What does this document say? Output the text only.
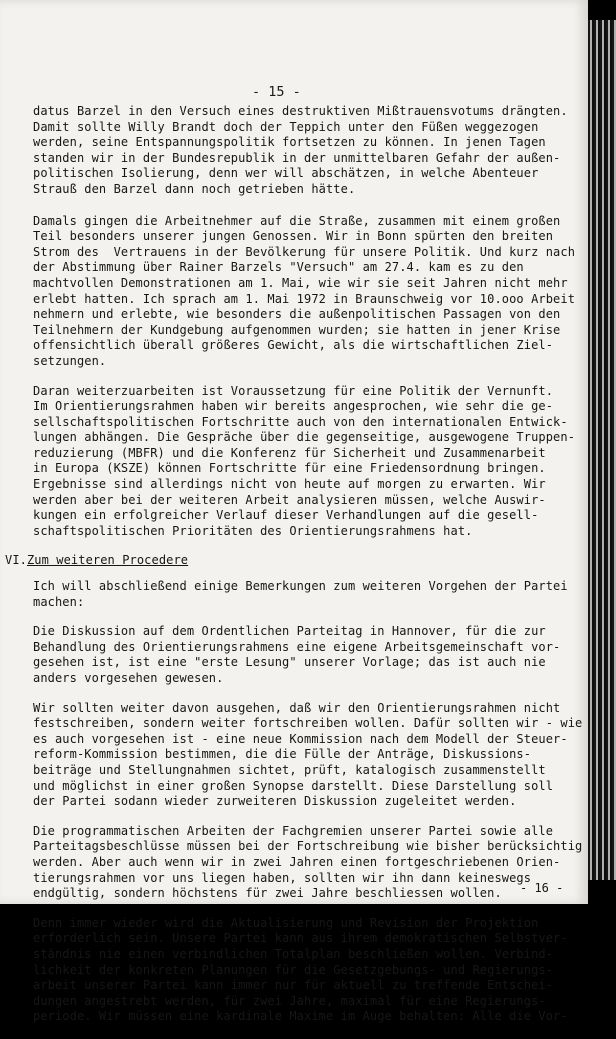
- 15 -

datus Barzel in den Versuch eines destruktiven Mißtrauensvotums drängten.
Damit sollte Willy Brandt doch der Teppich unter den Füßen weggezogen
werden, seine Entspannungspolitik fortsetzen zu können. In jenen Tagen
standen wir in der Bundesrepublik in der unmittelbaren Gefahr der außen-
politischen Isolierung, denn wer will abschätzen, in welche Abenteuer
Strauß den Barzel dann noch getrieben hätte.

Damals gingen die Arbeitnehmer auf die Straße, zusammen mit einem großen
Teil besonders unserer jungen Genossen. Wir in Bonn spürten den breiten
Strom des  Vertrauens in der Bevölkerung für unsere Politik. Und kurz nach
der Abstimmung über Rainer Barzels "Versuch" am 27.4. kam es zu den
machtvollen Demonstrationen am 1. Mai, wie wir sie seit Jahren nicht mehr
erlebt hatten. Ich sprach am 1. Mai 1972 in Braunschweig vor 10.ooo Arbeit
nehmern und erlebte, wie besonders die außenpolitischen Passagen von den
Teilnehmern der Kundgebung aufgenommen wurden; sie hatten in jener Krise
offensichtlich überall größeres Gewicht, als die wirtschaftlichen Ziel-
setzungen.

Daran weiterzuarbeiten ist Voraussetzung für eine Politik der Vernunft.
Im Orientierungsrahmen haben wir bereits angesprochen, wie sehr die ge-
sellschaftspolitischen Fortschritte auch von den internationalen Entwick-
lungen abhängen. Die Gespräche über die gegenseitige, ausgewogene Truppen-
reduzierung (MBFR) und die Konferenz für Sicherheit und Zusammenarbeit
in Europa (KSZE) können Fortschritte für eine Friedensordnung bringen.
Ergebnisse sind allerdings nicht von heute auf morgen zu erwarten. Wir
werden aber bei der weiteren Arbeit analysieren müssen, welche Auswir-
kungen ein erfolgreicher Verlauf dieser Verhandlungen auf die gesell-
schaftspolitischen Prioritäten des Orientierungsrahmens hat.

VI.Zum weiteren Procedere

Ich will abschließend einige Bemerkungen zum weiteren Vorgehen der Partei
machen:

Die Diskussion auf dem Ordentlichen Parteitag in Hannover, für die zur
Behandlung des Orientierungsrahmens eine eigene Arbeitsgemeinschaft vor-
gesehen ist, ist eine "erste Lesung" unserer Vorlage; das ist auch nie
anders vorgesehen gewesen.

Wir sollten weiter davon ausgehen, daß wir den Orientierungsrahmen nicht
festschreiben, sondern weiter fortschreiben wollen. Dafür sollten wir - wie
es auch vorgesehen ist - eine neue Kommission nach dem Modell der Steuer-
reform-Kommission bestimmen, die die Fülle der Anträge, Diskussions-
beiträge und Stellungnahmen sichtet, prüft, katalogisch zusammenstellt
und möglichst in einer großen Synopse darstellt. Diese Darstellung soll
der Partei sodann wieder zurweiteren Diskussion zugeleitet werden.

Die programmatischen Arbeiten der Fachgremien unserer Partei sowie alle
Parteitagsbeschlüsse müssen bei der Fortschreibung wie bisher berücksichtig
werden. Aber auch wenn wir in zwei Jahren einen fortgeschriebenen Orien-
tierungsrahmen vor uns liegen haben, sollten wir ihn dann keineswegs
endgültig, sondern höchstens für zwei Jahre beschliessen wollen.

Denn immer wieder wird die Aktualisierung und Revision der Projektion
erforderlich sein. Unsere Partei kann aus ihrem demokratischen Selbstver-
ständnis nie einen verbindlichen Totalplan beschließen wollen. Verbind-
lichkeit der konkreten Planungen für die Gesetzgebungs- und Regierungs-
arbeit unserer Partei kann immer nur für aktuell zu treffende Entschei-
dungen angestrebt werden, für zwei Jahre, maximal für eine Regierungs-
periode. Wir müssen eine kardinale Maxime im Auge behalten: Alle die Vor-

- 16 -
